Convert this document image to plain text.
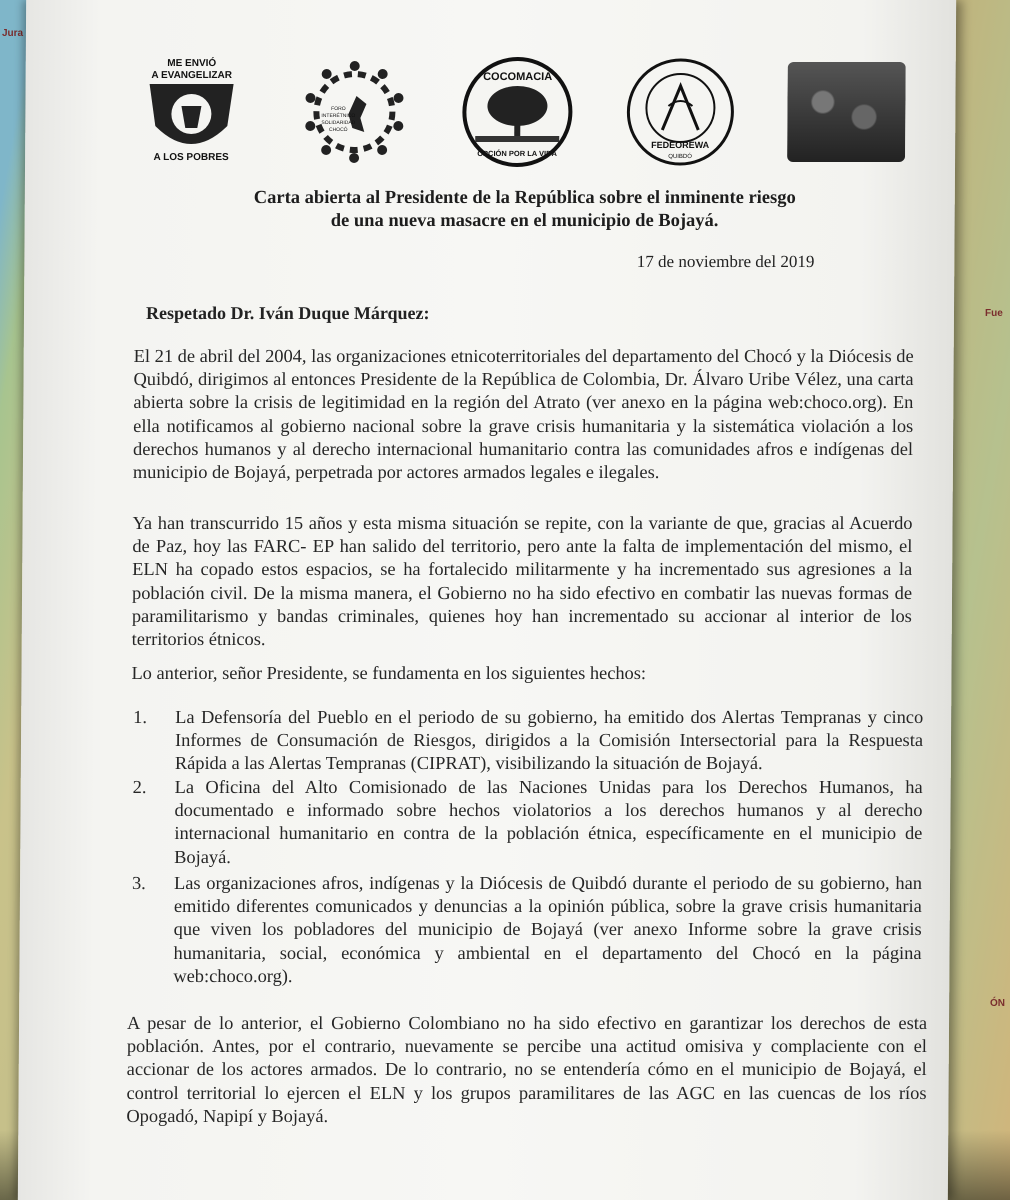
Jura
Fue
ÓN

ME ENVIÓ
A EVANGELIZAR
A LOS POBRES
FORO
INTERÉTNICO
SOLIDARIDAD
CHOCÓ
COCOMACIA
OPCIÓN POR LA VIDA
FEDEOREWA
QUIBDÓ
Carta abierta al Presidente de la República sobre el inminente riesgo
de una nueva masacre en el municipio de Bojayá.
17 de noviembre del 2019
Respetado Dr. Iván Duque Márquez:
El 21 de abril del 2004, las organizaciones etnicoterritoriales del departamento del Chocó y la Diócesis de Quibdó, dirigimos al entonces Presidente de la República de Colombia, Dr. Álvaro Uribe Vélez, una carta abierta sobre la crisis de legitimidad en la región del Atrato (ver anexo en la página web:choco.org). En ella notificamos al gobierno nacional sobre la grave crisis humanitaria y la sistemática violación a los derechos humanos y al derecho internacional humanitario contra las comunidades afros e indígenas del municipio de Bojayá, perpetrada por actores armados legales e ilegales.
Ya han transcurrido 15 años y esta misma situación se repite, con la variante de que, gracias al Acuerdo de Paz, hoy las FARC- EP han salido del territorio, pero ante la falta de implementación del mismo, el ELN ha copado estos espacios, se ha fortalecido militarmente y ha incrementado sus agresiones a la población civil. De la misma manera, el Gobierno no ha sido efectivo en combatir las nuevas formas de paramilitarismo y bandas criminales, quienes hoy han incrementado su accionar al interior de los territorios étnicos.
Lo anterior, señor Presidente, se fundamenta en los siguientes hechos:
1. La Defensoría del Pueblo en el periodo de su gobierno, ha emitido dos Alertas Tempranas y cinco Informes de Consumación de Riesgos, dirigidos a la Comisión Intersectorial para la Respuesta Rápida a las Alertas Tempranas (CIPRAT), visibilizando la situación de Bojayá.
2. La Oficina del Alto Comisionado de las Naciones Unidas para los Derechos Humanos, ha documentado e informado sobre hechos violatorios a los derechos humanos y al derecho internacional humanitario en contra de la población étnica, específicamente en el municipio de Bojayá.
3. Las organizaciones afros, indígenas y la Diócesis de Quibdó durante el periodo de su gobierno, han emitido diferentes comunicados y denuncias a la opinión pública, sobre la grave crisis humanitaria que viven los pobladores del municipio de Bojayá (ver anexo Informe sobre la grave crisis humanitaria, social, económica y ambiental en el departamento del Chocó en la página web:choco.org).
A pesar de lo anterior, el Gobierno Colombiano no ha sido efectivo en garantizar los derechos de esta población. Antes, por el contrario, nuevamente se percibe una actitud omisiva y complaciente con el accionar de los actores armados. De lo contrario, no se entendería cómo en el municipio de Bojayá, el control territorial lo ejercen el ELN y los grupos paramilitares de las AGC en las cuencas de los ríos Opogadó, Napipí y Bojayá.
